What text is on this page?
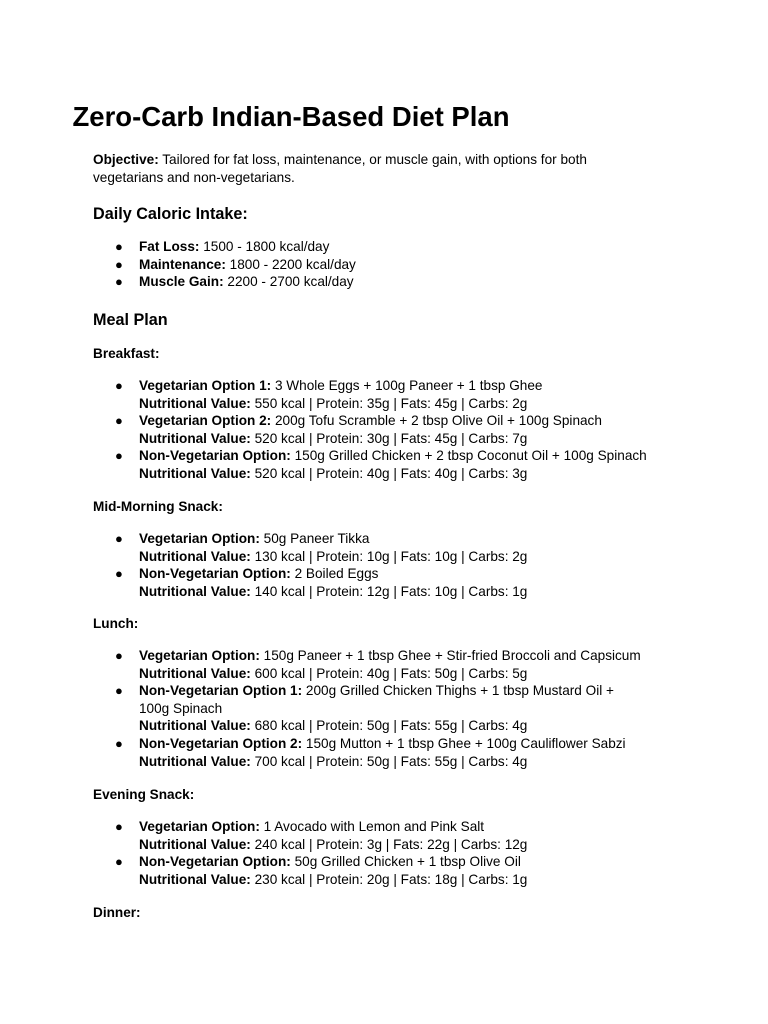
Zero-Carb Indian-Based Diet Plan

Objective: Tailored for fat loss, maintenance, or muscle gain, with options for both vegetarians and non-vegetarians.

Daily Caloric Intake:
● Fat Loss: 1500 - 1800 kcal/day
● Maintenance: 1800 - 2200 kcal/day
● Muscle Gain: 2200 - 2700 kcal/day
Meal Plan
Breakfast:
● Vegetarian Option 1: 3 Whole Eggs + 100g Paneer + 1 tbsp Ghee
Nutritional Value: 550 kcal | Protein: 35g | Fats: 45g | Carbs: 2g
● Vegetarian Option 2: 200g Tofu Scramble + 2 tbsp Olive Oil + 100g Spinach
Nutritional Value: 520 kcal | Protein: 30g | Fats: 45g | Carbs: 7g
● Non-Vegetarian Option: 150g Grilled Chicken + 2 tbsp Coconut Oil + 100g Spinach
Nutritional Value: 520 kcal | Protein: 40g | Fats: 40g | Carbs: 3g
Mid-Morning Snack:
● Vegetarian Option: 50g Paneer Tikka
Nutritional Value: 130 kcal | Protein: 10g | Fats: 10g | Carbs: 2g
● Non-Vegetarian Option: 2 Boiled Eggs
Nutritional Value: 140 kcal | Protein: 12g | Fats: 10g | Carbs: 1g
Lunch:
● Vegetarian Option: 150g Paneer + 1 tbsp Ghee + Stir-fried Broccoli and Capsicum
Nutritional Value: 600 kcal | Protein: 40g | Fats: 50g | Carbs: 5g
● Non-Vegetarian Option 1: 200g Grilled Chicken Thighs + 1 tbsp Mustard Oil + 100g Spinach
Nutritional Value: 680 kcal | Protein: 50g | Fats: 55g | Carbs: 4g
● Non-Vegetarian Option 2: 150g Mutton + 1 tbsp Ghee + 100g Cauliflower Sabzi
Nutritional Value: 700 kcal | Protein: 50g | Fats: 55g | Carbs: 4g
Evening Snack:
● Vegetarian Option: 1 Avocado with Lemon and Pink Salt
Nutritional Value: 240 kcal | Protein: 3g | Fats: 22g | Carbs: 12g
● Non-Vegetarian Option: 50g Grilled Chicken + 1 tbsp Olive Oil
Nutritional Value: 230 kcal | Protein: 20g | Fats: 18g | Carbs: 1g
Dinner:
